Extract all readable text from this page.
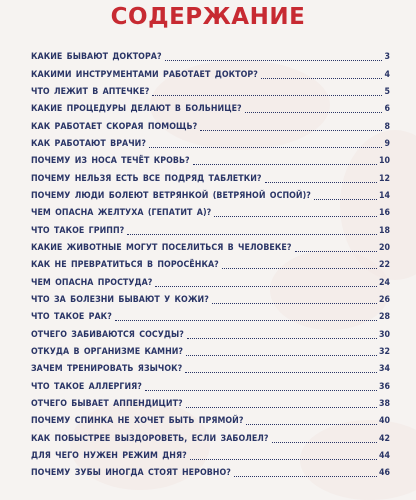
СОДЕРЖАНИЕ
КАКИЕ БЫВАЮТ ДОКТОРА?	3
КАКИМИ ИНСТРУМЕНТАМИ РАБОТАЕТ ДОКТОР?	4
ЧТО ЛЕЖИТ В АПТЕЧКЕ?	5
КАКИЕ ПРОЦЕДУРЫ ДЕЛАЮТ В БОЛЬНИЦЕ?	6
КАК РАБОТАЕТ СКОРАЯ ПОМОЩЬ?	8
КАК РАБОТАЮТ ВРАЧИ?	9
ПОЧЕМУ ИЗ НОСА ТЕЧЁТ КРОВЬ?	10
ПОЧЕМУ НЕЛЬЗЯ ЕСТЬ ВСЕ ПОДРЯД ТАБЛЕТКИ?	12
ПОЧЕМУ ЛЮДИ БОЛЕЮТ ВЕТРЯНКОЙ (ВЕТРЯНОЙ ОСПОЙ)?	14
ЧЕМ ОПАСНА ЖЕЛТУХА (ГЕПАТИТ А)?	16
ЧТО ТАКОЕ ГРИПП?	18
КАКИЕ ЖИВОТНЫЕ МОГУТ ПОСЕЛИТЬСЯ В ЧЕЛОВЕКЕ?	20
КАК НЕ ПРЕВРАТИТЬСЯ В ПОРОСЁНКА?	22
ЧЕМ ОПАСНА ПРОСТУДА?	24
ЧТО ЗА БОЛЕЗНИ БЫВАЮТ У КОЖИ?	26
ЧТО ТАКОЕ РАК?	28
ОТЧЕГО ЗАБИВАЮТСЯ СОСУДЫ?	30
ОТКУДА В ОРГАНИЗМЕ КАМНИ?	32
ЗАЧЕМ ТРЕНИРОВАТЬ ЯЗЫЧОК?	34
ЧТО ТАКОЕ АЛЛЕРГИЯ?	36
ОТЧЕГО БЫВАЕТ АППЕНДИЦИТ?	38
ПОЧЕМУ СПИНКА НЕ ХОЧЕТ БЫТЬ ПРЯМОЙ?	40
КАК ПОБЫСТРЕЕ ВЫЗДОРОВЕТЬ, ЕСЛИ ЗАБОЛЕЛ?	42
ДЛЯ ЧЕГО НУЖЕН РЕЖИМ ДНЯ?	44
ПОЧЕМУ ЗУБЫ ИНОГДА СТОЯТ НЕРОВНО?	46
